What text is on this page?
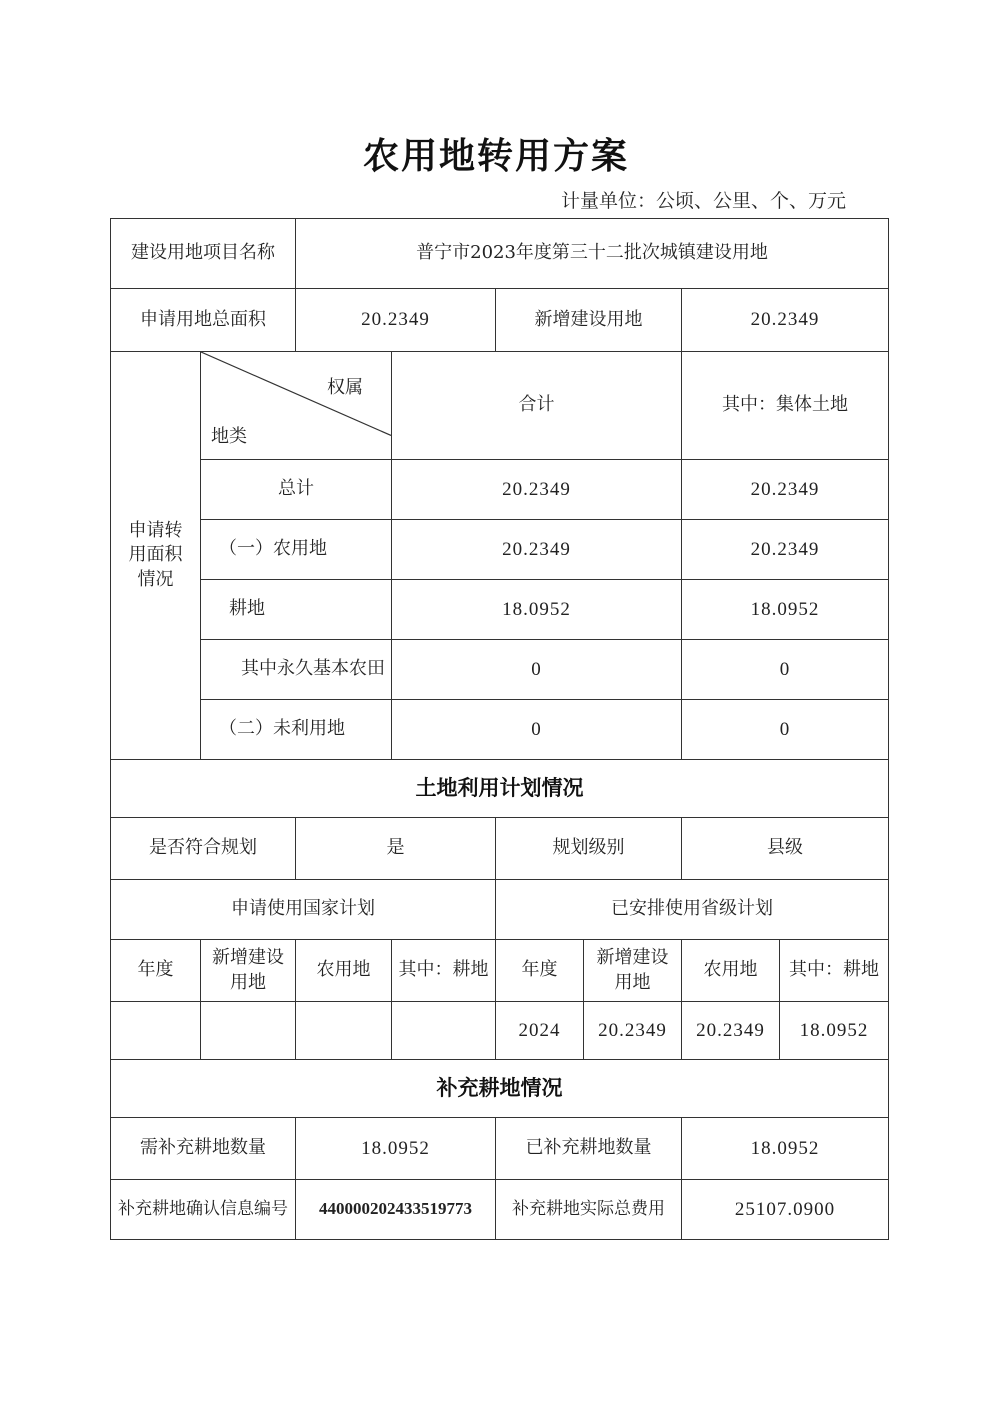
农用地转用方案
计量单位：公顷、公里、个、万元
建设用地项目名称		普宁市2023年度第三十二批次城镇建设用地					
申请用地总面积		20.2349		新增建设用地		20.2349	
申请转用面积情况	权属
地类		合计			其中：集体土地	
	总计		20.2349			20.2349	
	（一）农用地		20.2349			20.2349	
	耕地		18.0952			18.0952	
	其中永久基本农田		0			0	
	（二）未利用地		0			0	
土地利用计划情况							
是否符合规划		是		规划级别		县级	
申请使用国家计划				已安排使用省级计划			
年度	新增建设用地	农用地	其中：耕地	年度	新增建设用地	农用地	其中：耕地
				2024	20.2349	20.2349	18.0952
补充耕地情况							
需补充耕地数量		18.0952		已补充耕地数量		18.0952	
补充耕地确认信息编号		440000202433519773		补充耕地实际总费用		25107.0900	
